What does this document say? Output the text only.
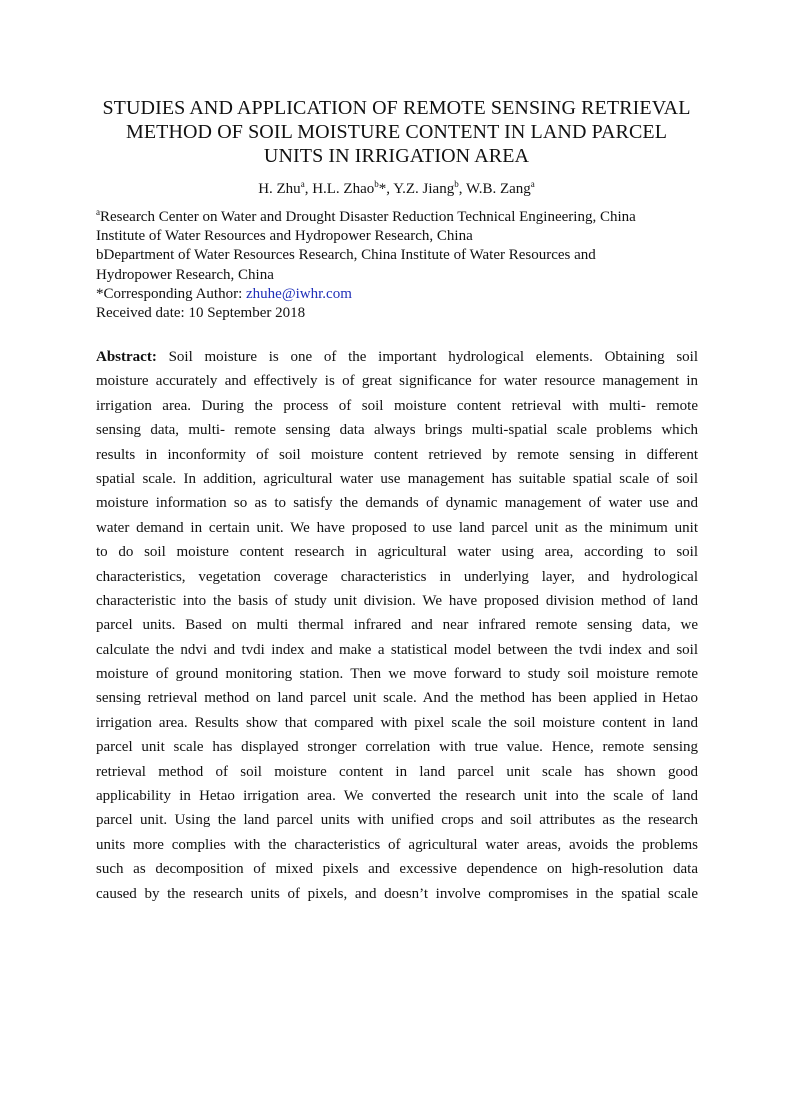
STUDIES AND APPLICATION OF REMOTE SENSING RETRIEVAL
METHOD OF SOIL MOISTURE CONTENT IN LAND PARCEL
UNITS IN IRRIGATION AREA
H. Zhu$^a$, H.L. Zhao$^b$*, Y.Z. Jiang$^b$, W.B. Zang$^a$
$^a$Research Center on Water and Drought Disaster Reduction Technical Engineering, China
Institute of Water Resources and Hydropower Research, China
bDepartment of Water Resources Research, China Institute of Water Resources and
Hydropower Research, China
*Corresponding Author: zhuhe@iwhr.com
Received date: 10 September 2018
Abstract: Soil moisture is one of the important hydrological elements. Obtaining soil
moisture accurately and effectively is of great significance for water resource management in
irrigation area. During the process of soil moisture content retrieval with multi- remote
sensing data, multi- remote sensing data always brings multi-spatial scale problems which
results in inconformity of soil moisture content retrieved by remote sensing in different
spatial scale. In addition, agricultural water use management has suitable spatial scale of soil
moisture information so as to satisfy the demands of dynamic management of water use and
water demand in certain unit. We have proposed to use land parcel unit as the minimum unit
to do soil moisture content research in agricultural water using area, according to soil
characteristics, vegetation coverage characteristics in underlying layer, and hydrological
characteristic into the basis of study unit division. We have proposed division method of land
parcel units. Based on multi thermal infrared and near infrared remote sensing data, we
calculate the ndvi and tvdi index and make a statistical model between the tvdi index and soil
moisture of ground monitoring station. Then we move forward to study soil moisture remote
sensing retrieval method on land parcel unit scale. And the method has been applied in Hetao
irrigation area. Results show that compared with pixel scale the soil moisture content in land
parcel unit scale has displayed stronger correlation with true value. Hence, remote sensing
retrieval method of soil moisture content in land parcel unit scale has shown good
applicability in Hetao irrigation area. We converted the research unit into the scale of land
parcel unit. Using the land parcel units with unified crops and soil attributes as the research
units more complies with the characteristics of agricultural water areas, avoids the problems
such as decomposition of mixed pixels and excessive dependence on high-resolution data
caused by the research units of pixels, and doesn’t involve compromises in the spatial scale
